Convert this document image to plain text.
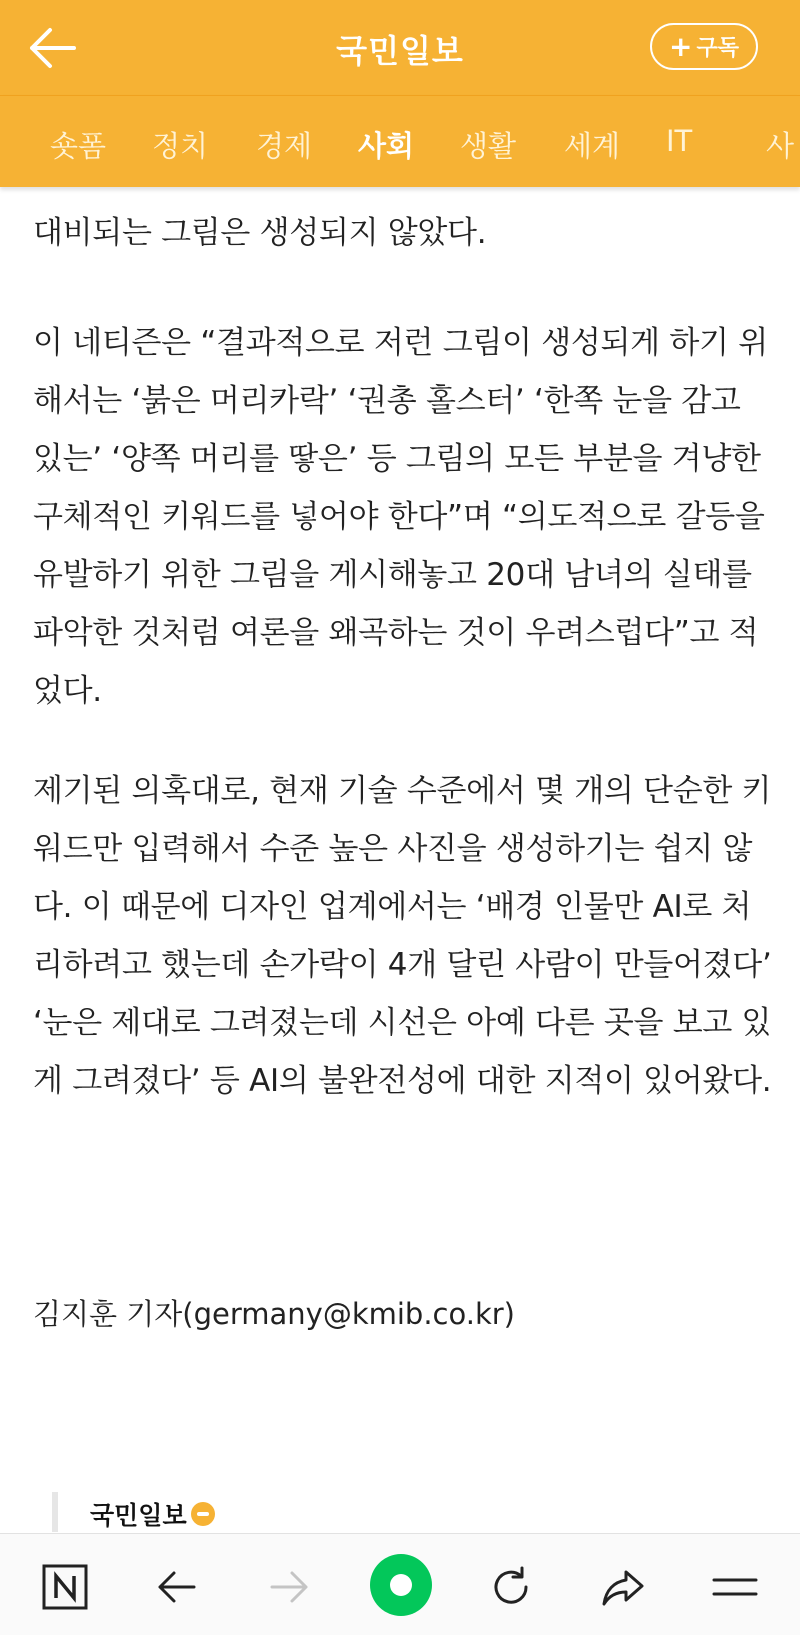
국민일보	+ 구독
숏폼 정치 경제 사회 생활 세계 IT	사
대비되는 그림은 생성되지 않았다.
이 네티즌은 “결과적으로 저런 그림이 생성되게 하기 위해서는 ‘붉은 머리카락’ ‘권총 홀스터’ ‘한쪽 눈을 감고 있는’ ‘양쪽 머리를 땋은’ 등 그림의 모든 부분을 겨냥한 구체적인 키워드를 넣어야 한다”며 “의도적으로 갈등을 유발하기 위한 그림을 게시해놓고 20대 남녀의 실태를 파악한 것처럼 여론을 왜곡하는 것이 우려스럽다”고 적었다.
제기된 의혹대로, 현재 기술 수준에서 몇 개의 단순한 키워드만 입력해서 수준 높은 사진을 생성하기는 쉽지 않다. 이 때문에 디자인 업계에서는 ‘배경 인물만 AI로 처리하려고 했는데 손가락이 4개 달린 사람이 만들어졌다’ ‘눈은 제대로 그려졌는데 시선은 아예 다른 곳을 보고 있게 그려졌다’ 등 AI의 불완전성에 대한 지적이 있어왔다.
김지훈 기자(germany@kmib.co.kr)
국민일보
